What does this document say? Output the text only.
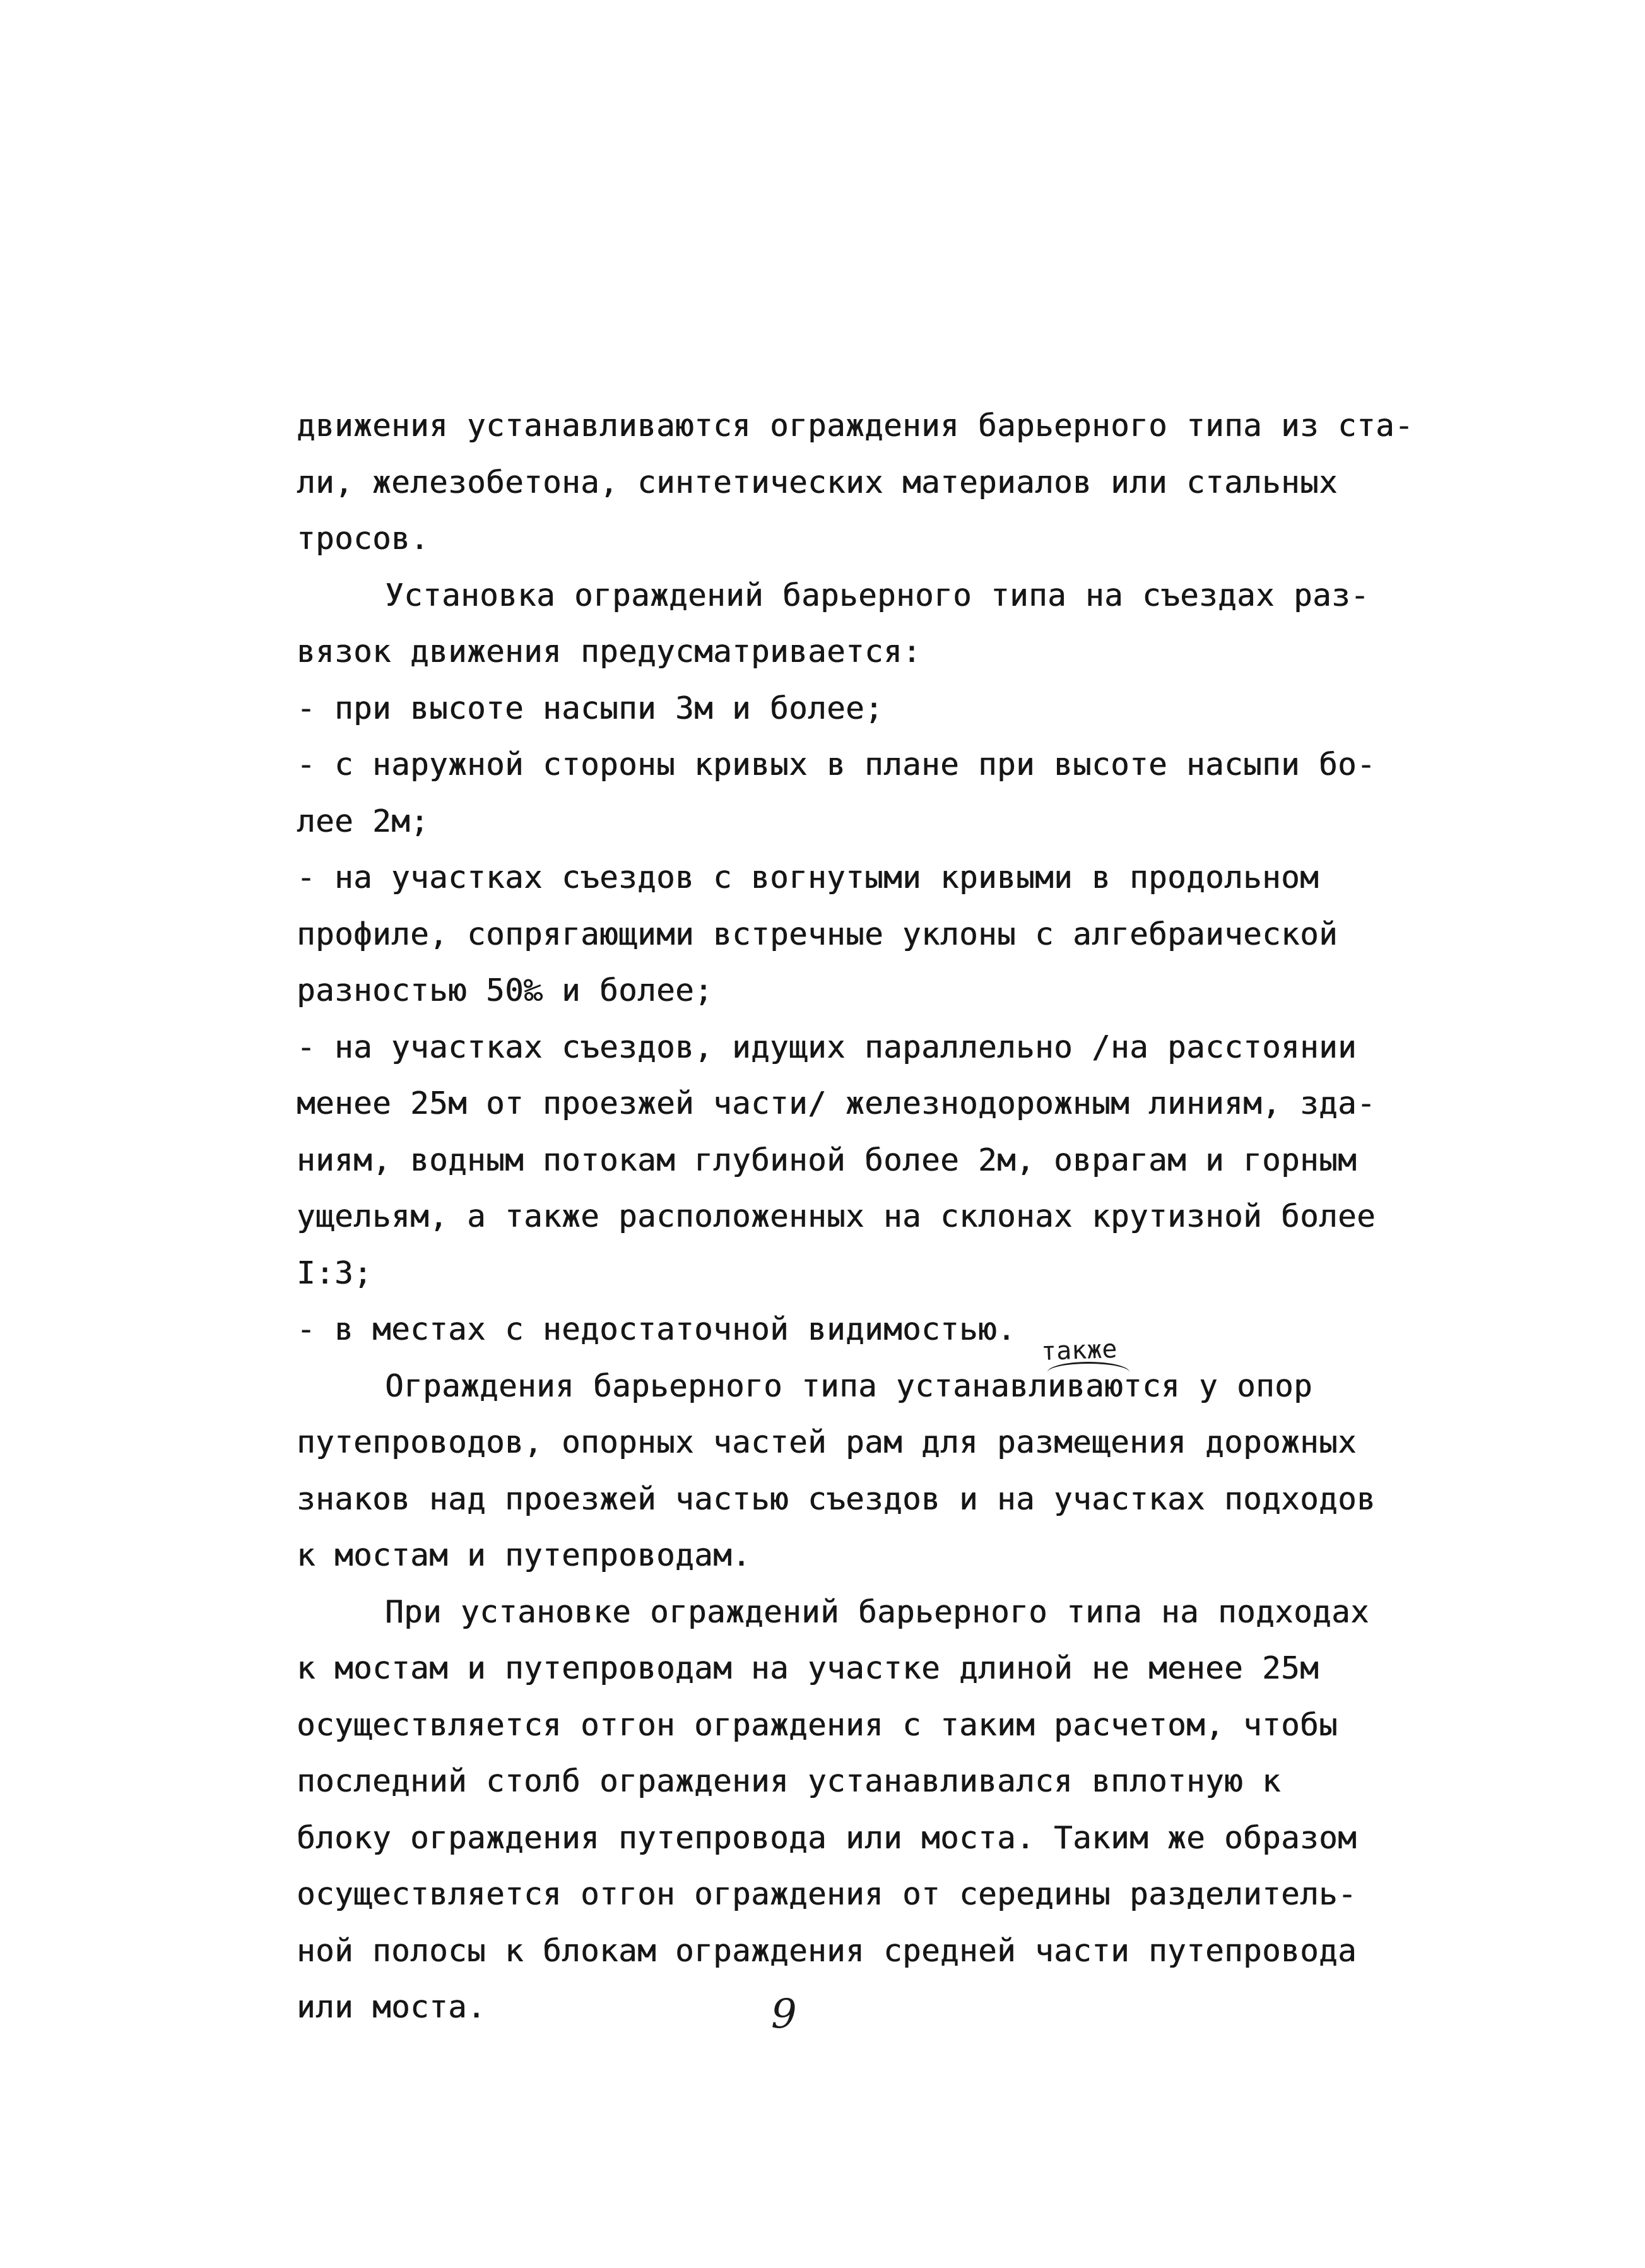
движения устанавливаются ограждения барьерного типа из ста-
ли, железобетона, синтетических материалов или стальных
тросов.
Установка ограждений барьерного типа на съездах раз-
вязок движения предусматривается:
- при высоте насыпи 3м и более;
- с наружной стороны кривых в плане при высоте насыпи бо-
лее 2м;
- на участках съездов с вогнутыми кривыми в продольном
профиле, сопрягающими встречные уклоны с алгебраической
разностью 50‰ и более;
- на участках съездов, идущих параллельно /на расстоянии
менее 25м от проезжей части/ железнодорожным линиям, зда-
ниям, водным потокам глубиной более 2м, оврагам и горным
ущельям, а также расположенных на склонах крутизной более
I:3;
- в местах с недостаточной видимостью.
Ограждения барьерного типа устанавливаются у опор
путепроводов, опорных частей рам для размещения дорожных
знаков над проезжей частью съездов и на участках подходов
к мостам и путепроводам.
При установке ограждений барьерного типа на подходах
к мостам и путепроводам на участке длиной не менее 25м
осуществляется отгон ограждения с таким расчетом, чтобы
последний столб ограждения устанавливался вплотную к
блоку ограждения путепровода или моста. Таким же образом
осуществляется отгон ограждения от середины разделитель-
ной полосы к блокам ограждения средней части путепровода
или моста.
также
9
